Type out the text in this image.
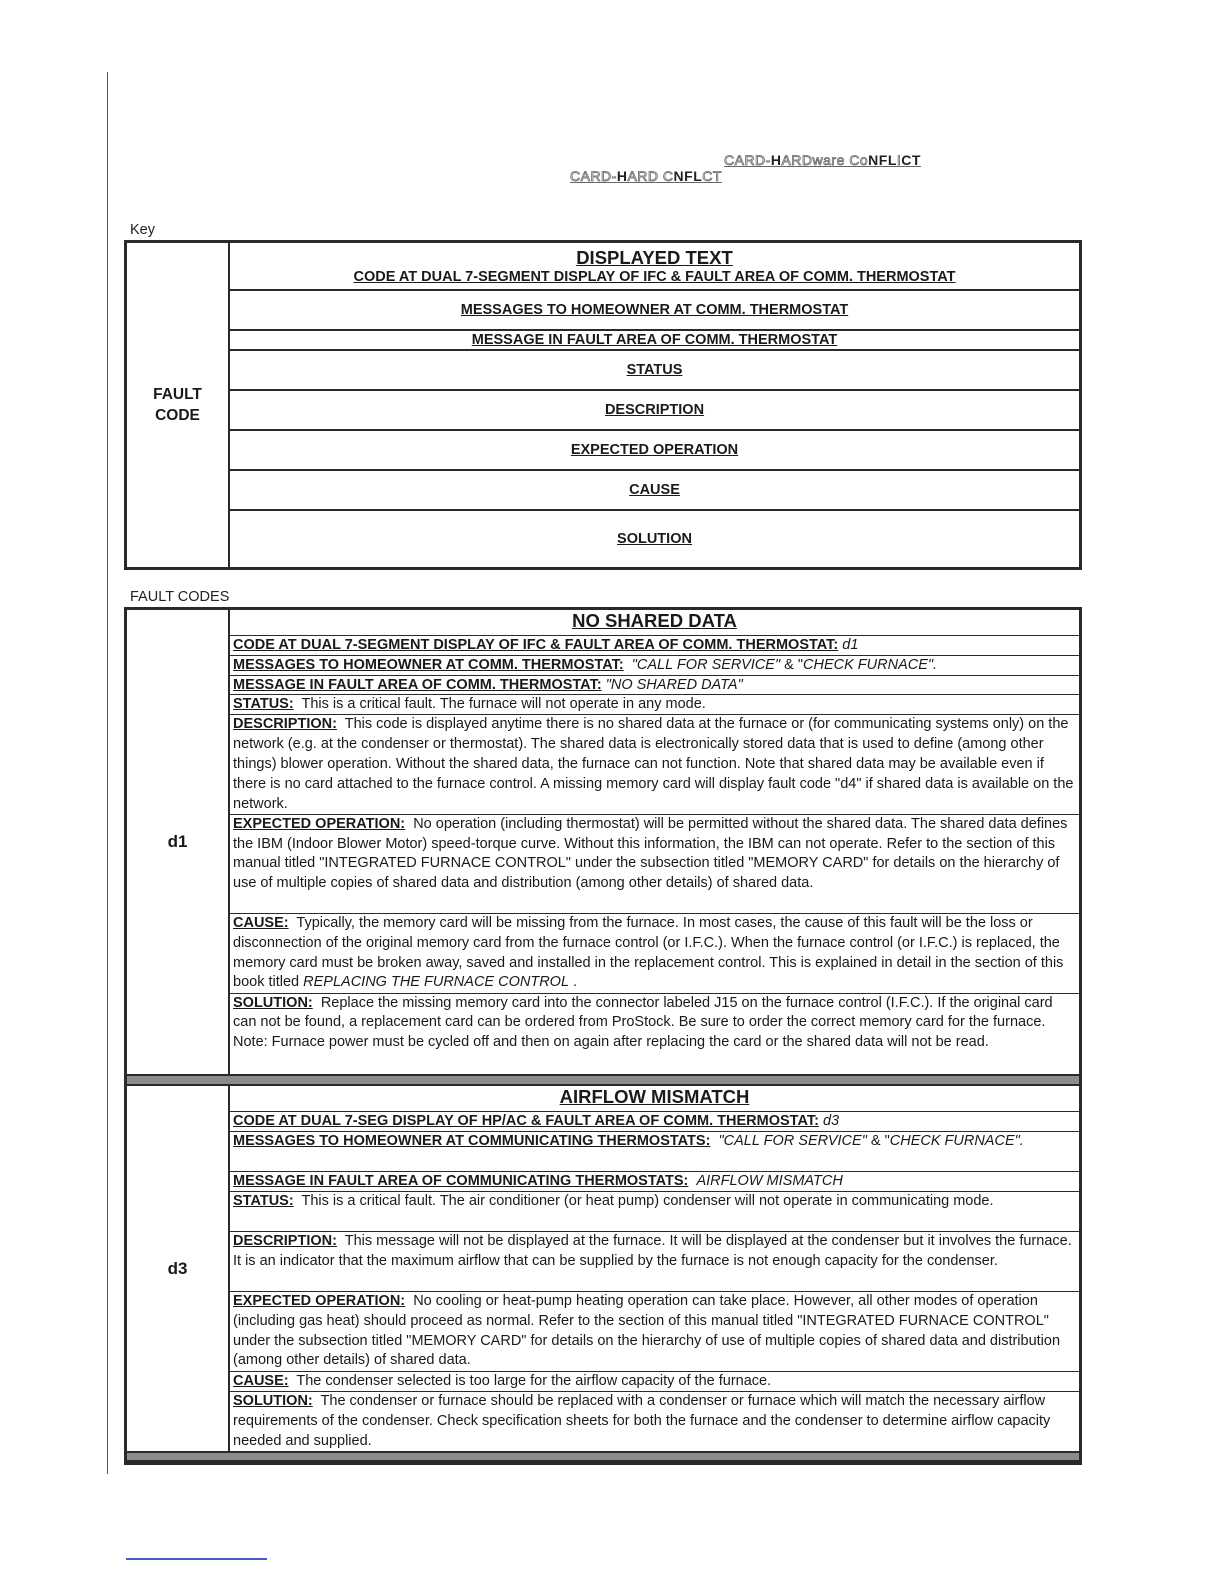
CARD-HARDware CoNFLICT
CARD-HARD CNFLCT
Key
FAULT
CODE
DISPLAYED TEXT
CODE AT DUAL 7-SEGMENT DISPLAY OF IFC & FAULT AREA OF COMM. THERMOSTAT
MESSAGES TO HOMEOWNER AT COMM. THERMOSTAT
MESSAGE IN FAULT AREA OF COMM. THERMOSTAT
STATUS
DESCRIPTION
EXPECTED OPERATION
CAUSE
SOLUTION
FAULT CODES
d1
NO SHARED DATA
CODE AT DUAL 7-SEGMENT DISPLAY OF IFC & FAULT AREA OF COMM. THERMOSTAT: d1
MESSAGES TO HOMEOWNER AT COMM. THERMOSTAT: "CALL FOR SERVICE" & "CHECK FURNACE".
MESSAGE IN FAULT AREA OF COMM. THERMOSTAT: "NO SHARED DATA"
STATUS: This is a critical fault. The furnace will not operate in any mode.
DESCRIPTION: This code is displayed anytime there is no shared data at the furnace or (for communicating systems only) on the network (e.g. at the condenser or thermostat). The shared data is electronically stored data that is used to define (among other things) blower operation. Without the shared data, the furnace can not function. Note that shared data may be available even if there is no card attached to the furnace control. A missing memory card will display fault code "d4" if shared data is available on the network.
EXPECTED OPERATION: No operation (including thermostat) will be permitted without the shared data. The shared data defines the IBM (Indoor Blower Motor) speed-torque curve. Without this information, the IBM can not operate. Refer to the section of this manual titled "INTEGRATED FURNACE CONTROL" under the subsection titled "MEMORY CARD" for details on the hierarchy of use of multiple copies of shared data and distribution (among other details) of shared data.
CAUSE: Typically, the memory card will be missing from the furnace. In most cases, the cause of this fault will be the loss or disconnection of the original memory card from the furnace control (or I.F.C.). When the furnace control (or I.F.C.) is replaced, the memory card must be broken away, saved and installed in the replacement control. This is explained in detail in the section of this book titled REPLACING THE FURNACE CONTROL .
SOLUTION: Replace the missing memory card into the connector labeled J15 on the furnace control (I.F.C.). If the original card can not be found, a replacement card can be ordered from ProStock. Be sure to order the correct memory card for the furnace. Note: Furnace power must be cycled off and then on again after replacing the card or the shared data will not be read.
d3
AIRFLOW MISMATCH
CODE AT DUAL 7-SEG DISPLAY OF HP/AC & FAULT AREA OF COMM. THERMOSTAT: d3
MESSAGES TO HOMEOWNER AT COMMUNICATING THERMOSTATS: "CALL FOR SERVICE" & "CHECK FURNACE".
MESSAGE IN FAULT AREA OF COMMUNICATING THERMOSTATS: AIRFLOW MISMATCH
STATUS: This is a critical fault. The air conditioner (or heat pump) condenser will not operate in communicating mode.
DESCRIPTION: This message will not be displayed at the furnace. It will be displayed at the condenser but it involves the furnace. It is an indicator that the maximum airflow that can be supplied by the furnace is not enough capacity for the condenser.
EXPECTED OPERATION: No cooling or heat-pump heating operation can take place. However, all other modes of operation (including gas heat) should proceed as normal. Refer to the section of this manual titled "INTEGRATED FURNACE CONTROL" under the subsection titled "MEMORY CARD" for details on the hierarchy of use of multiple copies of shared data and distribution (among other details) of shared data.
CAUSE: The condenser selected is too large for the airflow capacity of the furnace.
SOLUTION: The condenser or furnace should be replaced with a condenser or furnace which will match the necessary airflow requirements of the condenser. Check specification sheets for both the furnace and the condenser to determine airflow capacity needed and supplied.
